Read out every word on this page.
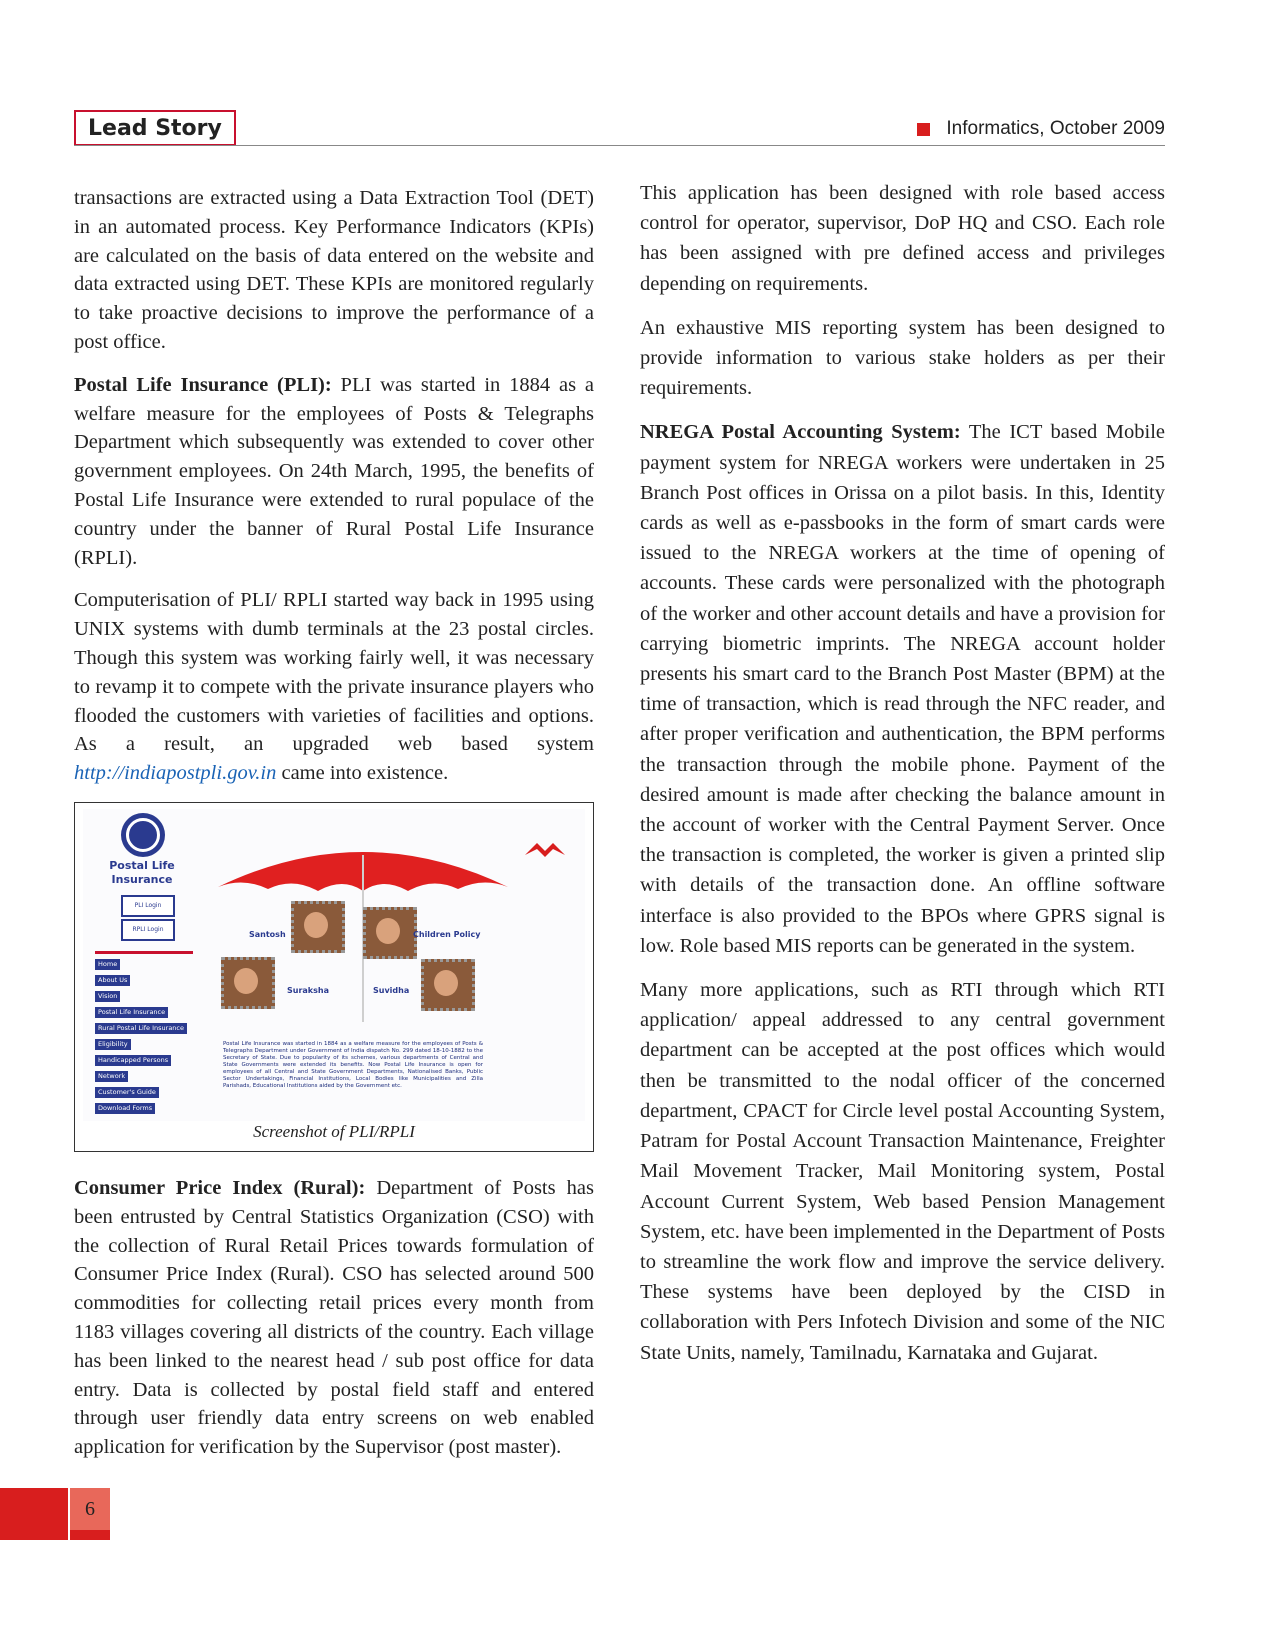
Lead Story	Informatics, October 2009

transactions are extracted using a Data Extraction Tool (DET) in an automated process. Key Performance Indicators (KPIs) are calculated on the basis of data entered on the website and data extracted using DET. These KPIs are monitored regularly to take proactive decisions to improve the performance of a post office.

Postal Life Insurance (PLI): PLI was started in 1884 as a welfare measure for the employees of Posts & Telegraphs Department which subsequently was extended to cover other government employees. On 24th March, 1995, the benefits of Postal Life Insurance were extended to rural populace of the country under the banner of Rural Postal Life Insurance (RPLI).

Computerisation of PLI/ RPLI started way back in 1995 using UNIX systems with dumb terminals at the 23 postal circles. Though this system was working fairly well, it was necessary to revamp it to compete with the private insurance players who flooded the customers with varieties of facilities and options. As a result, an upgraded web based system http://indiapostpli.gov.in came into existence.

Postal Life
Insurance
PLI Login
RPLI Login
Home
About Us
Vision
Postal Life Insurance
Rural Postal Life Insurance
Eligibility
Handicapped Persons
Network
Customer's Guide
Download Forms
Santosh	Children Policy
Suraksha	Suvidha
Postal Life Insurance was started in 1884 as a welfare measure for the employees of Posts & Telegraphs Department under Government of India dispatch No. 299 dated 18-10-1882 to the Secretary of State. Due to popularity of its schemes, various departments of Central and State Governments were extended its benefits. Now Postal Life Insurance is open for employees of all Central and State Government Departments, Nationalised Banks, Public Sector Undertakings, Financial Institutions, Local Bodies like Municipalities and Zilla Parishads, Educational Institutions aided by the Government etc.
Screenshot of PLI/RPLI

Consumer Price Index (Rural): Department of Posts has been entrusted by Central Statistics Organization (CSO) with the collection of Rural Retail Prices towards formulation of Consumer Price Index (Rural). CSO has selected around 500 commodities for collecting retail prices every month from 1183 villages covering all districts of the country. Each village has been linked to the nearest head / sub post office for data entry. Data is collected by postal field staff and entered through user friendly data entry screens on web enabled application for verification by the Supervisor (post master).

This application has been designed with role based access control for operator, supervisor, DoP HQ and CSO. Each role has been assigned with pre defined access and privileges depending on requirements.

An exhaustive MIS reporting system has been designed to provide information to various stake holders as per their requirements.

NREGA Postal Accounting System: The ICT based Mobile payment system for NREGA workers were undertaken in 25 Branch Post offices in Orissa on a pilot basis. In this, Identity cards as well as e-passbooks in the form of smart cards were issued to the NREGA workers at the time of opening of accounts. These cards were personalized with the photograph of the worker and other account details and have a provision for carrying biometric imprints. The NREGA account holder presents his smart card to the Branch Post Master (BPM) at the time of transaction, which is read through the NFC reader, and after proper verification and authentication, the BPM performs the transaction through the mobile phone. Payment of the desired amount is made after checking the balance amount in the account of worker with the Central Payment Server. Once the transaction is completed, the worker is given a printed slip with details of the transaction done. An offline software interface is also provided to the BPOs where GPRS signal is low. Role based MIS reports can be generated in the system.

Many more applications, such as RTI through which RTI application/ appeal addressed to any central government department can be accepted at the post offices which would then be transmitted to the nodal officer of the concerned department, CPACT for Circle level postal Accounting System, Patram for Postal Account Transaction Maintenance, Freighter Mail Movement Tracker, Mail Monitoring system, Postal Account Current System, Web based Pension Management System, etc. have been implemented in the Department of Posts to streamline the work flow and improve the service delivery. These systems have been deployed by the CISD in collaboration with Pers Infotech Division and some of the NIC State Units, namely, Tamilnadu, Karnataka and Gujarat.

6
